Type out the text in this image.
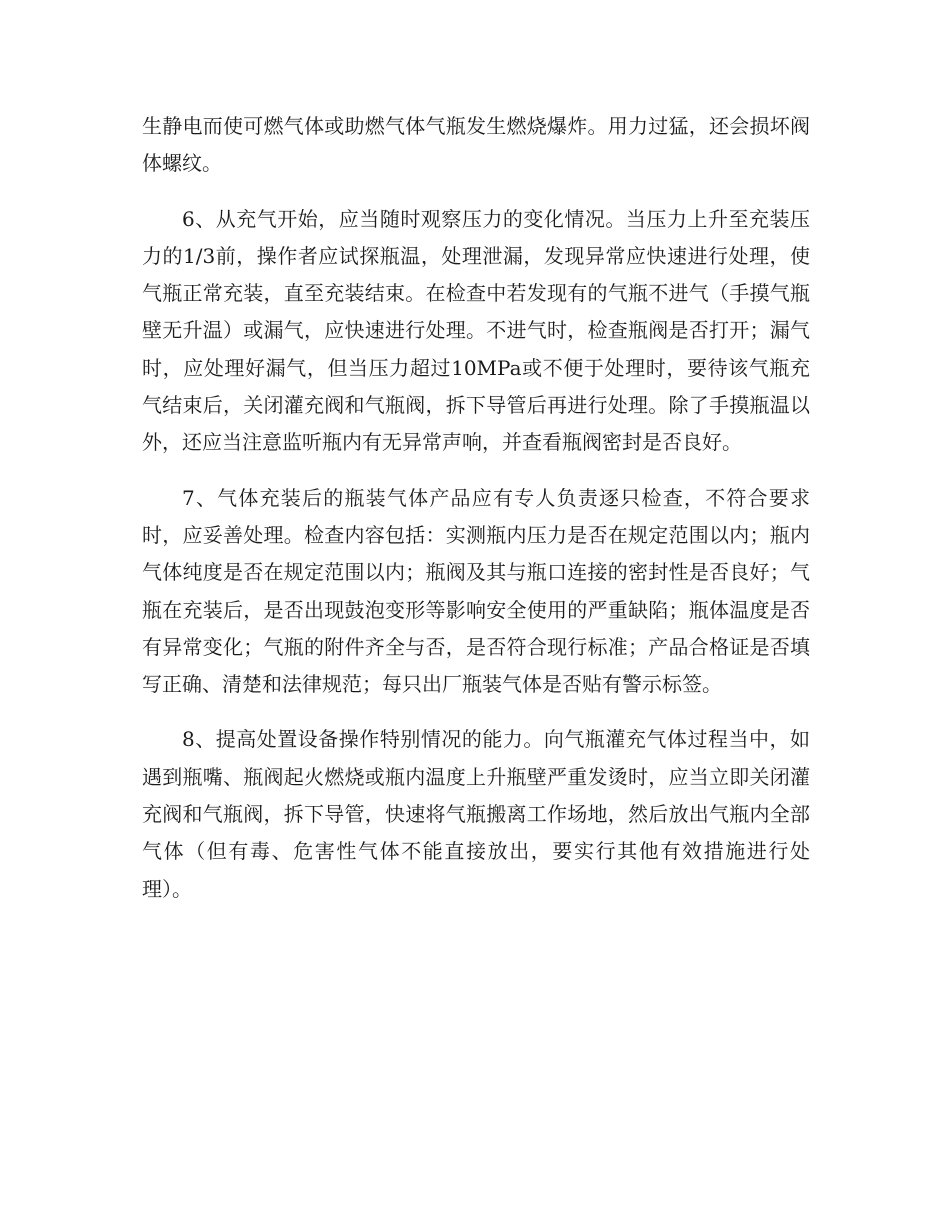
生静电而使可燃气体或助燃气体气瓶发生燃烧爆炸。用力过猛，还会损坏阀体螺纹。

6、从充气开始，应当随时观察压力的变化情况。当压力上升至充装压力的1/3前，操作者应试探瓶温，处理泄漏，发现异常应快速进行处理，使气瓶正常充装，直至充装结束。在检查中若发现有的气瓶不进气（手摸气瓶壁无升温）或漏气，应快速进行处理。不进气时，检查瓶阀是否打开；漏气时，应处理好漏气，但当压力超过10MPa或不便于处理时，要待该气瓶充气结束后，关闭灌充阀和气瓶阀，拆下导管后再进行处理。除了手摸瓶温以外，还应当注意监听瓶内有无异常声响，并查看瓶阀密封是否良好。

7、气体充装后的瓶装气体产品应有专人负责逐只检查，不符合要求时，应妥善处理。检查内容包括：实测瓶内压力是否在规定范围以内；瓶内气体纯度是否在规定范围以内；瓶阀及其与瓶口连接的密封性是否良好；气瓶在充装后，是否出现鼓泡变形等影响安全使用的严重缺陷；瓶体温度是否有异常变化；气瓶的附件齐全与否，是否符合现行标准；产品合格证是否填写正确、清楚和法律规范；每只出厂瓶装气体是否贴有警示标签。

8、提高处置设备操作特别情况的能力。向气瓶灌充气体过程当中，如遇到瓶嘴、瓶阀起火燃烧或瓶内温度上升瓶壁严重发烫时，应当立即关闭灌充阀和气瓶阀，拆下导管，快速将气瓶搬离工作场地，然后放出气瓶内全部气体（但有毒、危害性气体不能直接放出，要实行其他有效措施进行处理）。
